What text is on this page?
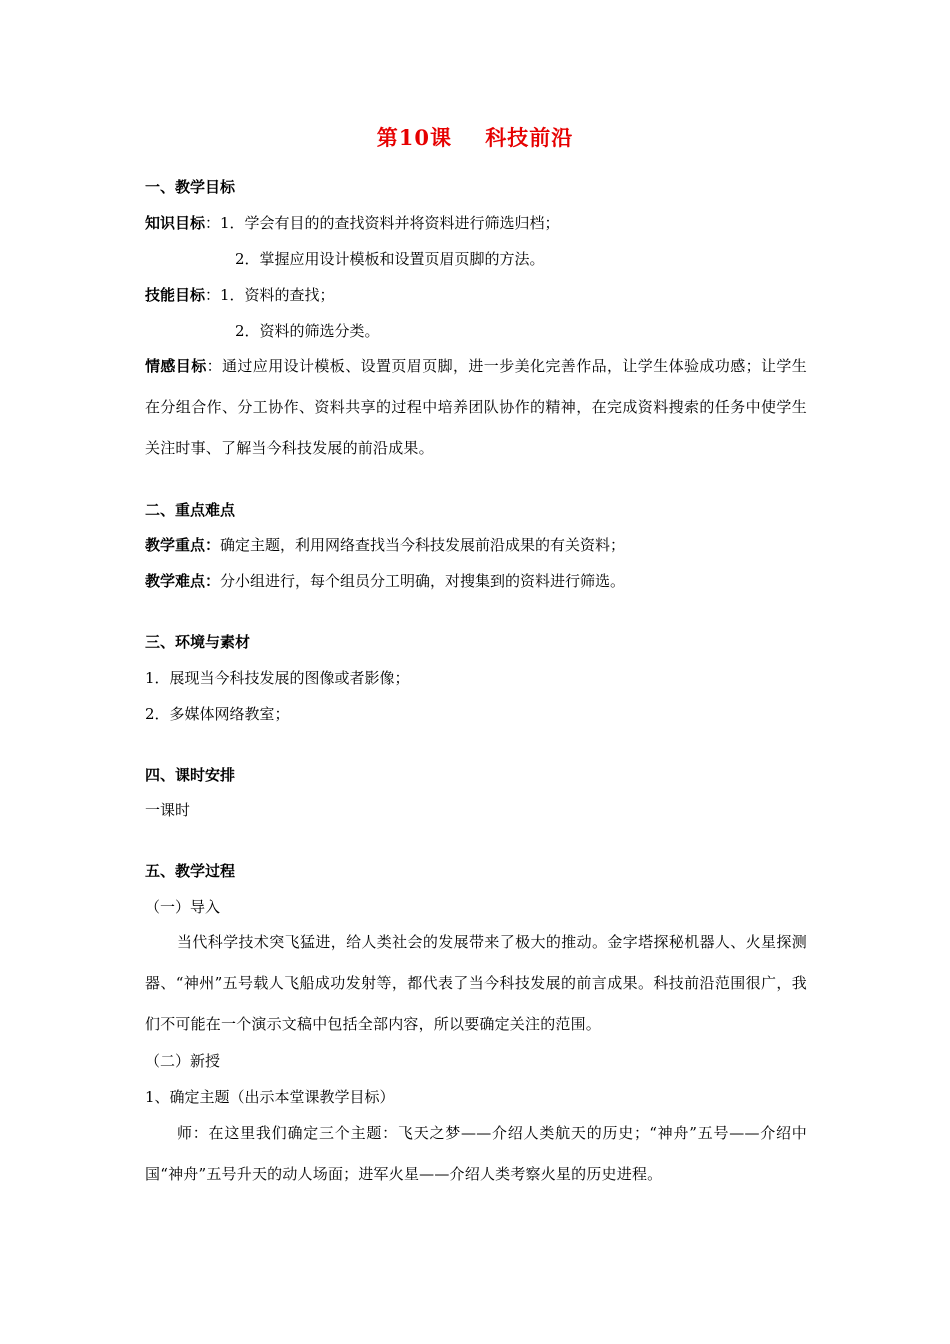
第10课    科技前沿
一、教学目标
知识目标：1．学会有目的的查找资料并将资料进行筛选归档；
2．掌握应用设计模板和设置页眉页脚的方法。
技能目标：1．资料的查找；
2．资料的筛选分类。
情感目标：通过应用设计模板、设置页眉页脚，进一步美化完善作品，让学生体验成功感；让学生在分组合作、分工协作、资料共享的过程中培养团队协作的精神，在完成资料搜索的任务中使学生关注时事、了解当今科技发展的前沿成果。
二、重点难点
教学重点：确定主题，利用网络查找当今科技发展前沿成果的有关资料；
教学难点：分小组进行，每个组员分工明确，对搜集到的资料进行筛选。
三、环境与素材
1．展现当今科技发展的图像或者影像；
2．多媒体网络教室；
四、课时安排
一课时
五、教学过程
（一）导入
当代科学技术突飞猛进，给人类社会的发展带来了极大的推动。金字塔探秘机器人、火星探测器、“神州”五号载人飞船成功发射等，都代表了当今科技发展的前言成果。科技前沿范围很广，我们不可能在一个演示文稿中包括全部内容，所以要确定关注的范围。
（二）新授
1、确定主题（出示本堂课教学目标）
师：在这里我们确定三个主题：飞天之梦——介绍人类航天的历史；“神舟”五号——介绍中国“神舟”五号升天的动人场面；进军火星——介绍人类考察火星的历史进程。
